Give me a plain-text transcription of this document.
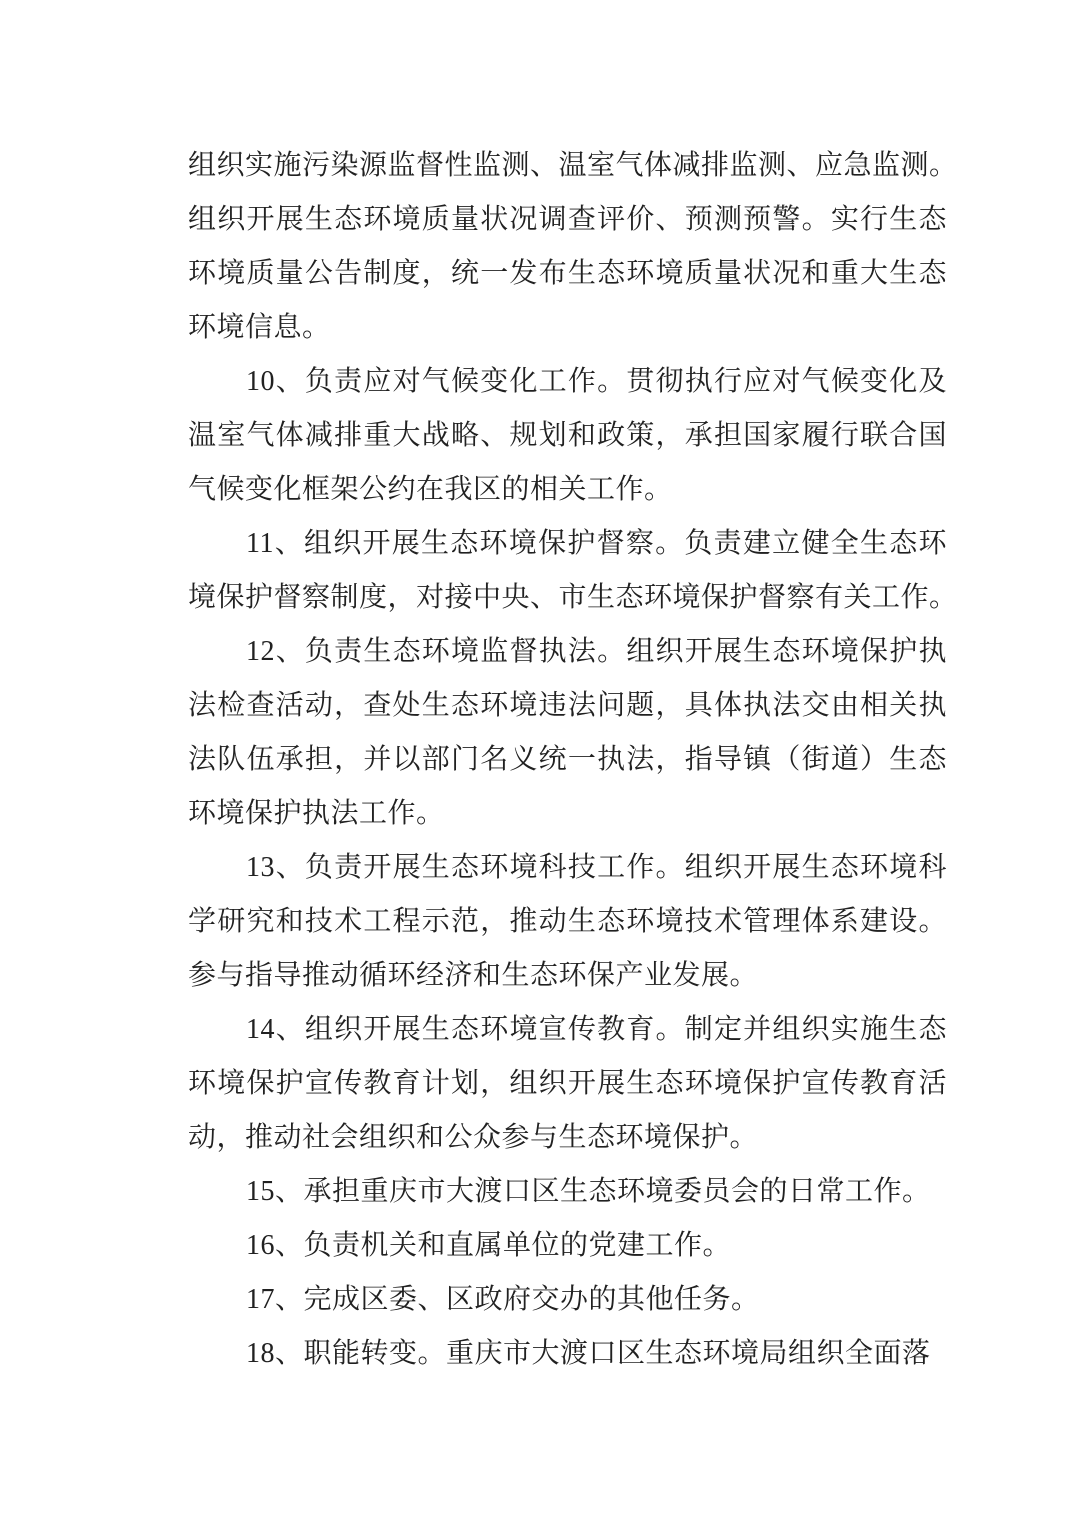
组织实施污染源监督性监测、温室气体减排监测、应急监测。
组织开展生态环境质量状况调查评价、预测预警。实行生态
环境质量公告制度，统一发布生态环境质量状况和重大生态
环境信息。
10、负责应对气候变化工作。贯彻执行应对气候变化及
温室气体减排重大战略、规划和政策，承担国家履行联合国
气候变化框架公约在我区的相关工作。
11、组织开展生态环境保护督察。负责建立健全生态环
境保护督察制度，对接中央、市生态环境保护督察有关工作。
12、负责生态环境监督执法。组织开展生态环境保护执
法检查活动，查处生态环境违法问题，具体执法交由相关执
法队伍承担，并以部门名义统一执法，指导镇（街道）生态
环境保护执法工作。
13、负责开展生态环境科技工作。组织开展生态环境科
学研究和技术工程示范，推动生态环境技术管理体系建设。
参与指导推动循环经济和生态环保产业发展。
14、组织开展生态环境宣传教育。制定并组织实施生态
环境保护宣传教育计划，组织开展生态环境保护宣传教育活
动，推动社会组织和公众参与生态环境保护。
15、承担重庆市大渡口区生态环境委员会的日常工作。
16、负责机关和直属单位的党建工作。
17、完成区委、区政府交办的其他任务。
18、职能转变。重庆市大渡口区生态环境局组织全面落
